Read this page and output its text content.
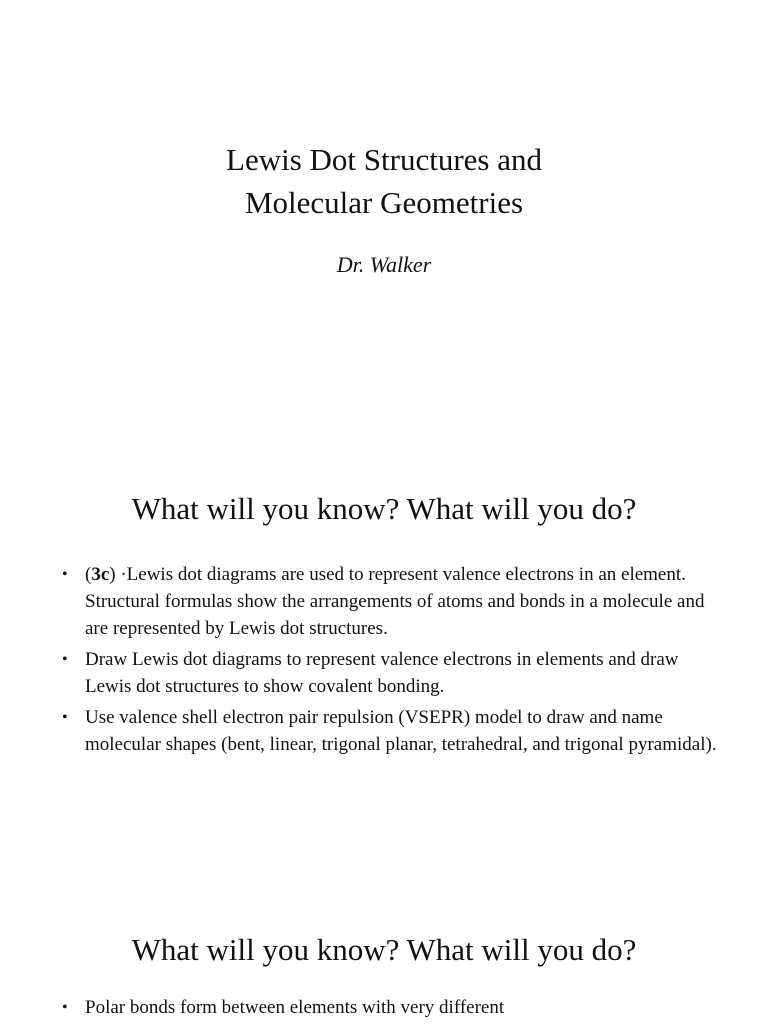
Lewis Dot Structures and
Molecular Geometries

Dr. Walker

What will you know? What will you do?
• (3c) ·Lewis dot diagrams are used to represent valence electrons in an element. Structural formulas show the arrangements of atoms and bonds in a molecule and are represented by Lewis dot structures.
• Draw Lewis dot diagrams to represent valence electrons in elements and draw Lewis dot structures to show covalent bonding.
• Use valence shell electron pair repulsion (VSEPR) model to draw and name molecular shapes (bent, linear, trigonal planar, tetrahedral, and trigonal pyramidal).
What will you know? What will you do?
• Polar bonds form between elements with very different
